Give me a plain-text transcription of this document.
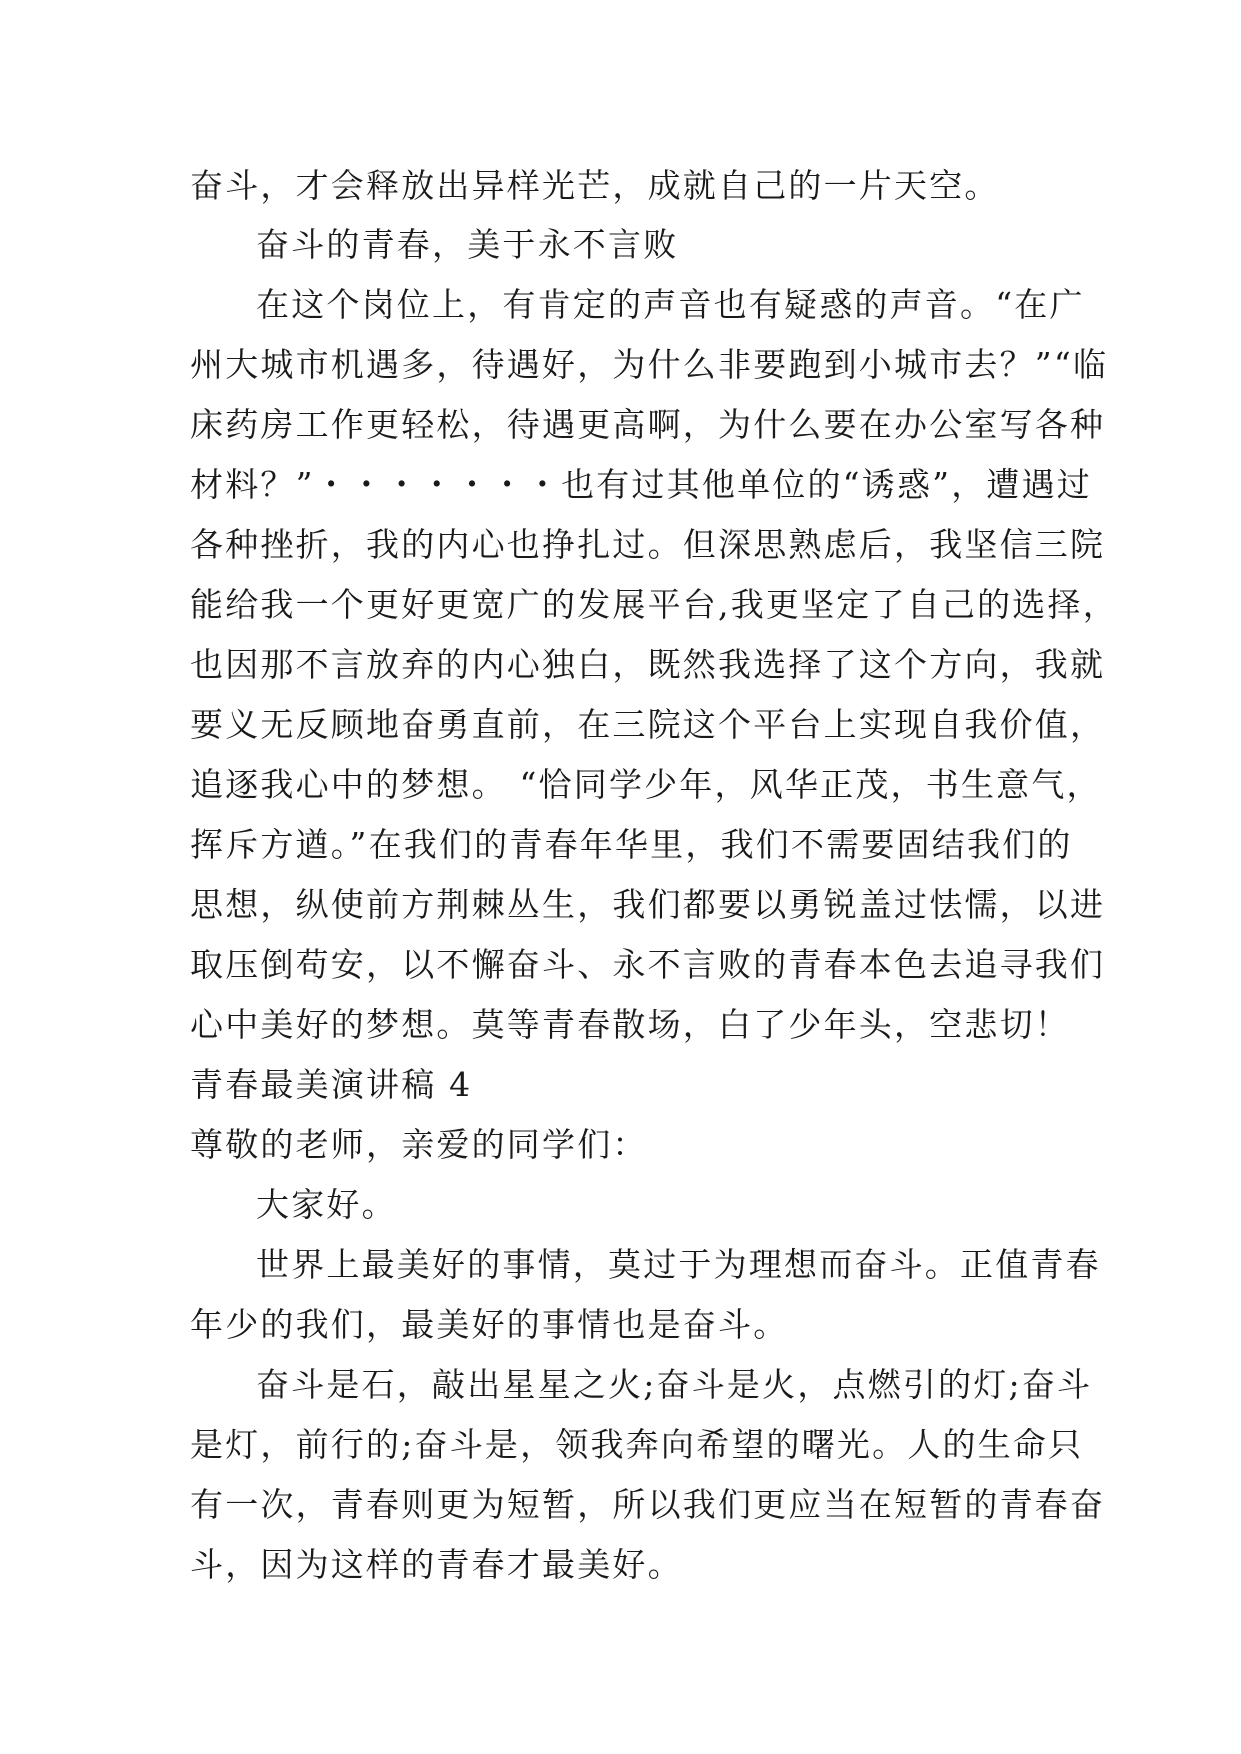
奋斗，才会释放出异样光芒，成就自己的一片天空。
奋斗的青春，美于永不言败
在这个岗位上，有肯定的声音也有疑惑的声音。“在广
州大城市机遇多，待遇好，为什么非要跑到小城市去？”“临
床药房工作更轻松，待遇更高啊，为什么要在办公室写各种
材料？”・・・・・・・也有过其他单位的“诱惑”，遭遇过
各种挫折，我的内心也挣扎过。但深思熟虑后，我坚信三院
能给我一个更好更宽广的发展平台,我更坚定了自己的选择，
也因那不言放弃的内心独白，既然我选择了这个方向，我就
要义无反顾地奋勇直前，在三院这个平台上实现自我价值，
追逐我心中的梦想。 “恰同学少年，风华正茂，书生意气，
挥斥方遒。”在我们的青春年华里，我们不需要固结我们的
思想，纵使前方荆棘丛生，我们都要以勇锐盖过怯懦，以进
取压倒苟安，以不懈奋斗、永不言败的青春本色去追寻我们
心中美好的梦想。莫等青春散场，白了少年头，空悲切！
青春最美演讲稿 4
尊敬的老师，亲爱的同学们：
大家好。
世界上最美好的事情，莫过于为理想而奋斗。正值青春
年少的我们，最美好的事情也是奋斗。
奋斗是石，敲出星星之火;奋斗是火，点燃引的灯;奋斗
是灯，前行的;奋斗是，领我奔向希望的曙光。人的生命只
有一次，青春则更为短暂，所以我们更应当在短暂的青春奋
斗，因为这样的青春才最美好。
